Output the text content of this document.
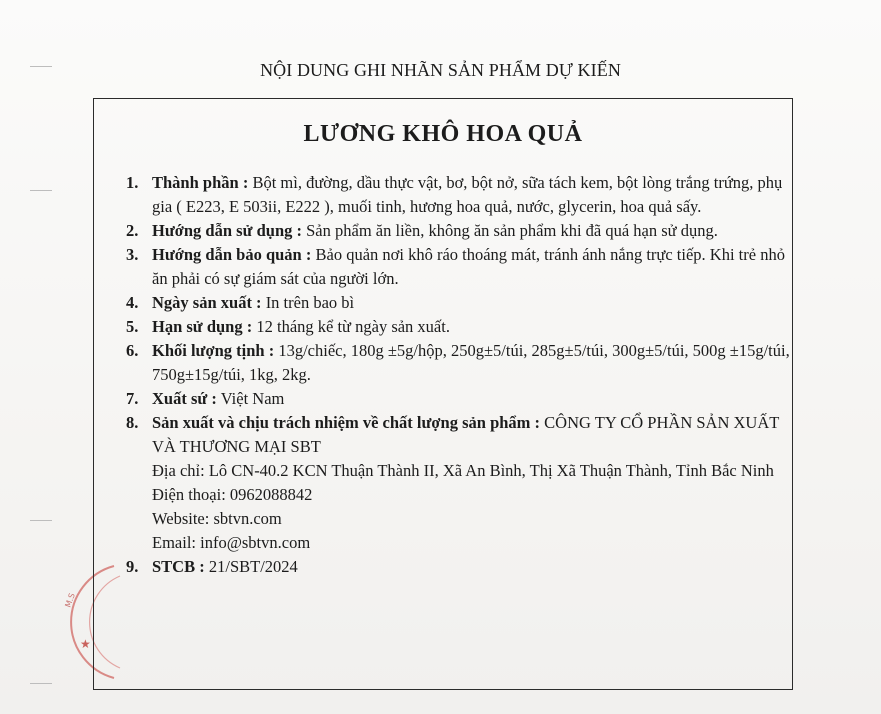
M.S
★
NỘI DUNG GHI NHÃN SẢN PHẨM DỰ KIẾN
LƯƠNG KHÔ HOA QUẢ
1. Thành phần : Bột mì, đường, dầu thực vật, bơ, bột nở, sữa tách kem, bột lòng trắng trứng, phụ gia ( E223, E 503ii, E222 ), muối tinh, hương hoa quả, nước, glycerin, hoa quả sấy.
2. Hướng dẫn sử dụng : Sản phẩm ăn liền, không ăn sản phẩm khi đã quá hạn sử dụng.
3. Hướng dẫn bảo quản : Bảo quản nơi khô ráo thoáng mát, tránh ánh nắng trực tiếp. Khi trẻ nhỏ ăn phải có sự giám sát của người lớn.
4. Ngày sản xuất : In trên bao bì
5. Hạn sử dụng : 12 tháng kể từ ngày sản xuất.
6. Khối lượng tịnh : 13g/chiếc, 180g ±5g/hộp, 250g±5/túi, 285g±5/túi, 300g±5/túi, 500g ±15g/túi, 750g±15g/túi, 1kg, 2kg.
7. Xuất sứ : Việt Nam
8. Sản xuất và chịu trách nhiệm về chất lượng sản phẩm : CÔNG TY CỔ PHẦN SẢN XUẤT VÀ THƯƠNG MẠI SBT
Địa chỉ: Lô CN-40.2 KCN Thuận Thành II, Xã An Bình, Thị Xã Thuận Thành, Tỉnh Bắc Ninh
Điện thoại: 0962088842
Website: sbtvn.com
Email: info@sbtvn.com
9. STCB : 21/SBT/2024
